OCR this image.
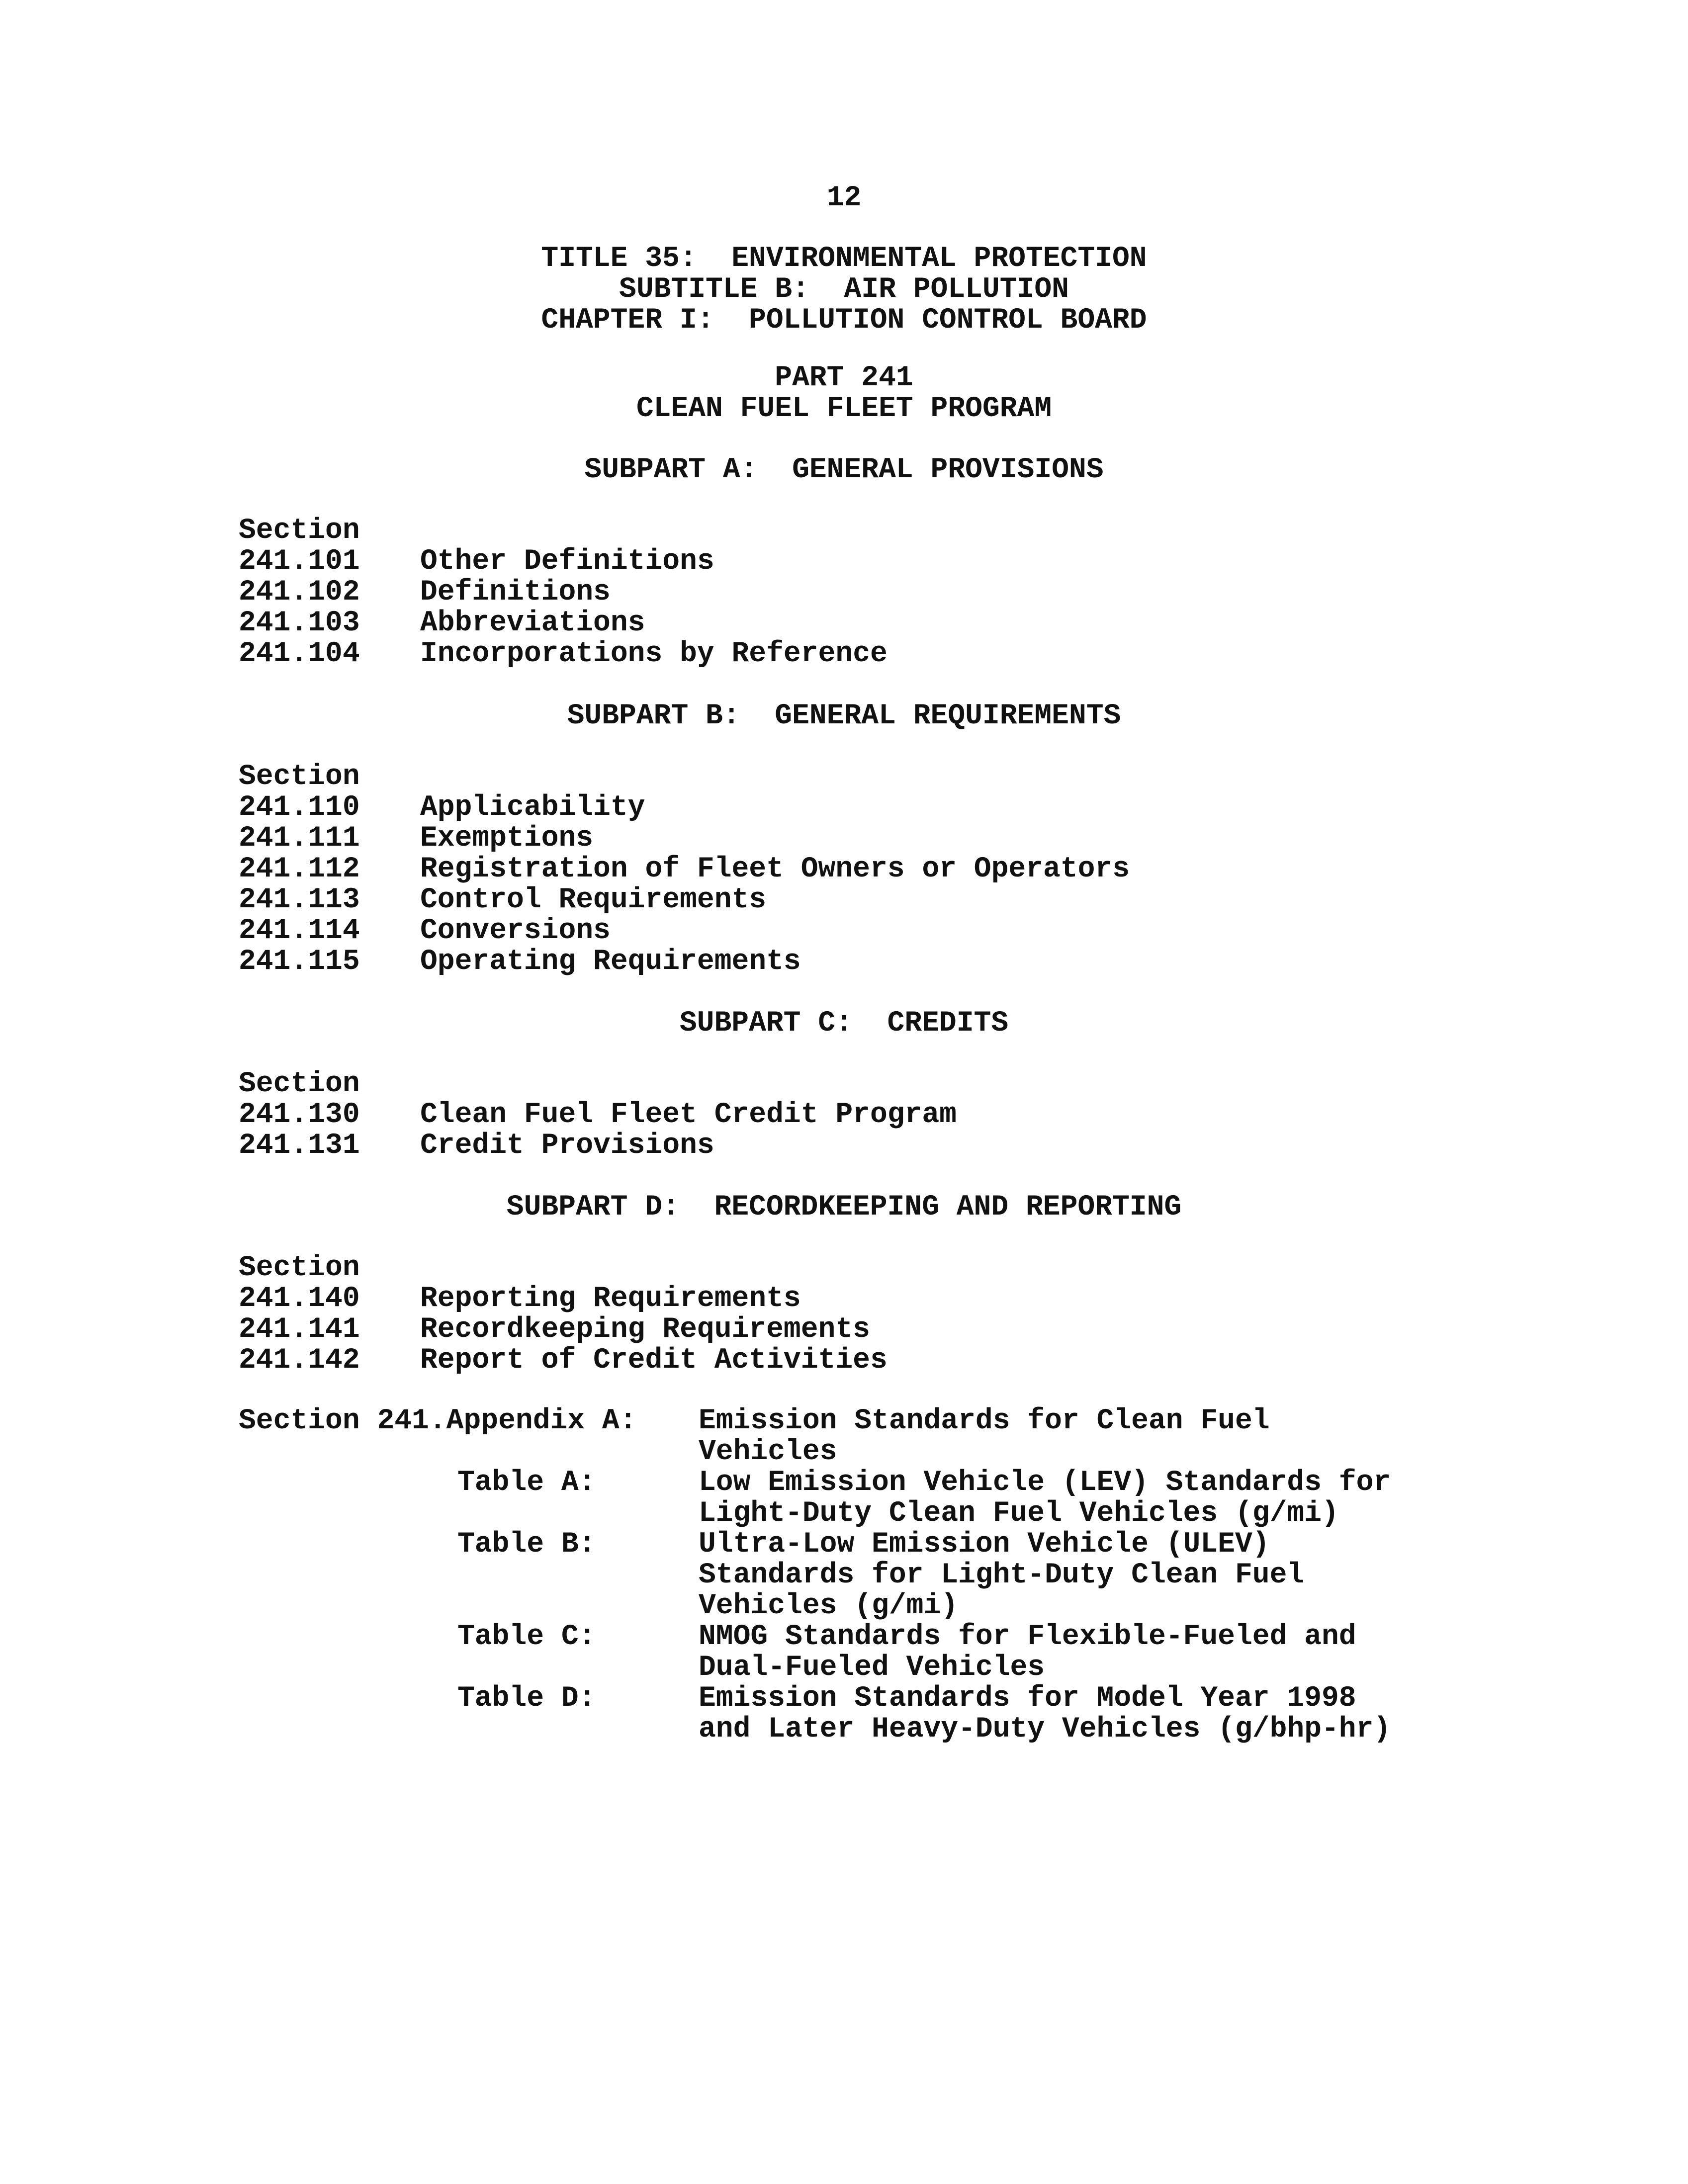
12
TITLE 35:  ENVIRONMENTAL PROTECTION
SUBTITLE B:  AIR POLLUTION
CHAPTER I:  POLLUTION CONTROL BOARD
PART 241
CLEAN FUEL FLEET PROGRAM
SUBPART A:  GENERAL PROVISIONS
Section
241.101 Other Definitions
241.102 Definitions
241.103 Abbreviations
241.104 Incorporations by Reference
SUBPART B:  GENERAL REQUIREMENTS
Section
241.110 Applicability
241.111 Exemptions
241.112 Registration of Fleet Owners or Operators
241.113 Control Requirements
241.114 Conversions
241.115 Operating Requirements
SUBPART C:  CREDITS
Section
241.130 Clean Fuel Fleet Credit Program
241.131 Credit Provisions
SUBPART D:  RECORDKEEPING AND REPORTING
Section
241.140 Reporting Requirements
241.141 Recordkeeping Requirements
241.142 Report of Credit Activities
Section 241.Appendix A: Emission Standards for Clean Fuel
Vehicles
Table A:	Low Emission Vehicle (LEV) Standards for
Light-Duty Clean Fuel Vehicles (g/mi)
Table B:	Ultra-Low Emission Vehicle (ULEV)
Standards for Light-Duty Clean Fuel
Vehicles (g/mi)
Table C:	NMOG Standards for Flexible-Fueled and
Dual-Fueled Vehicles
Table D:	Emission Standards for Model Year 1998
and Later Heavy-Duty Vehicles (g/bhp-hr)
